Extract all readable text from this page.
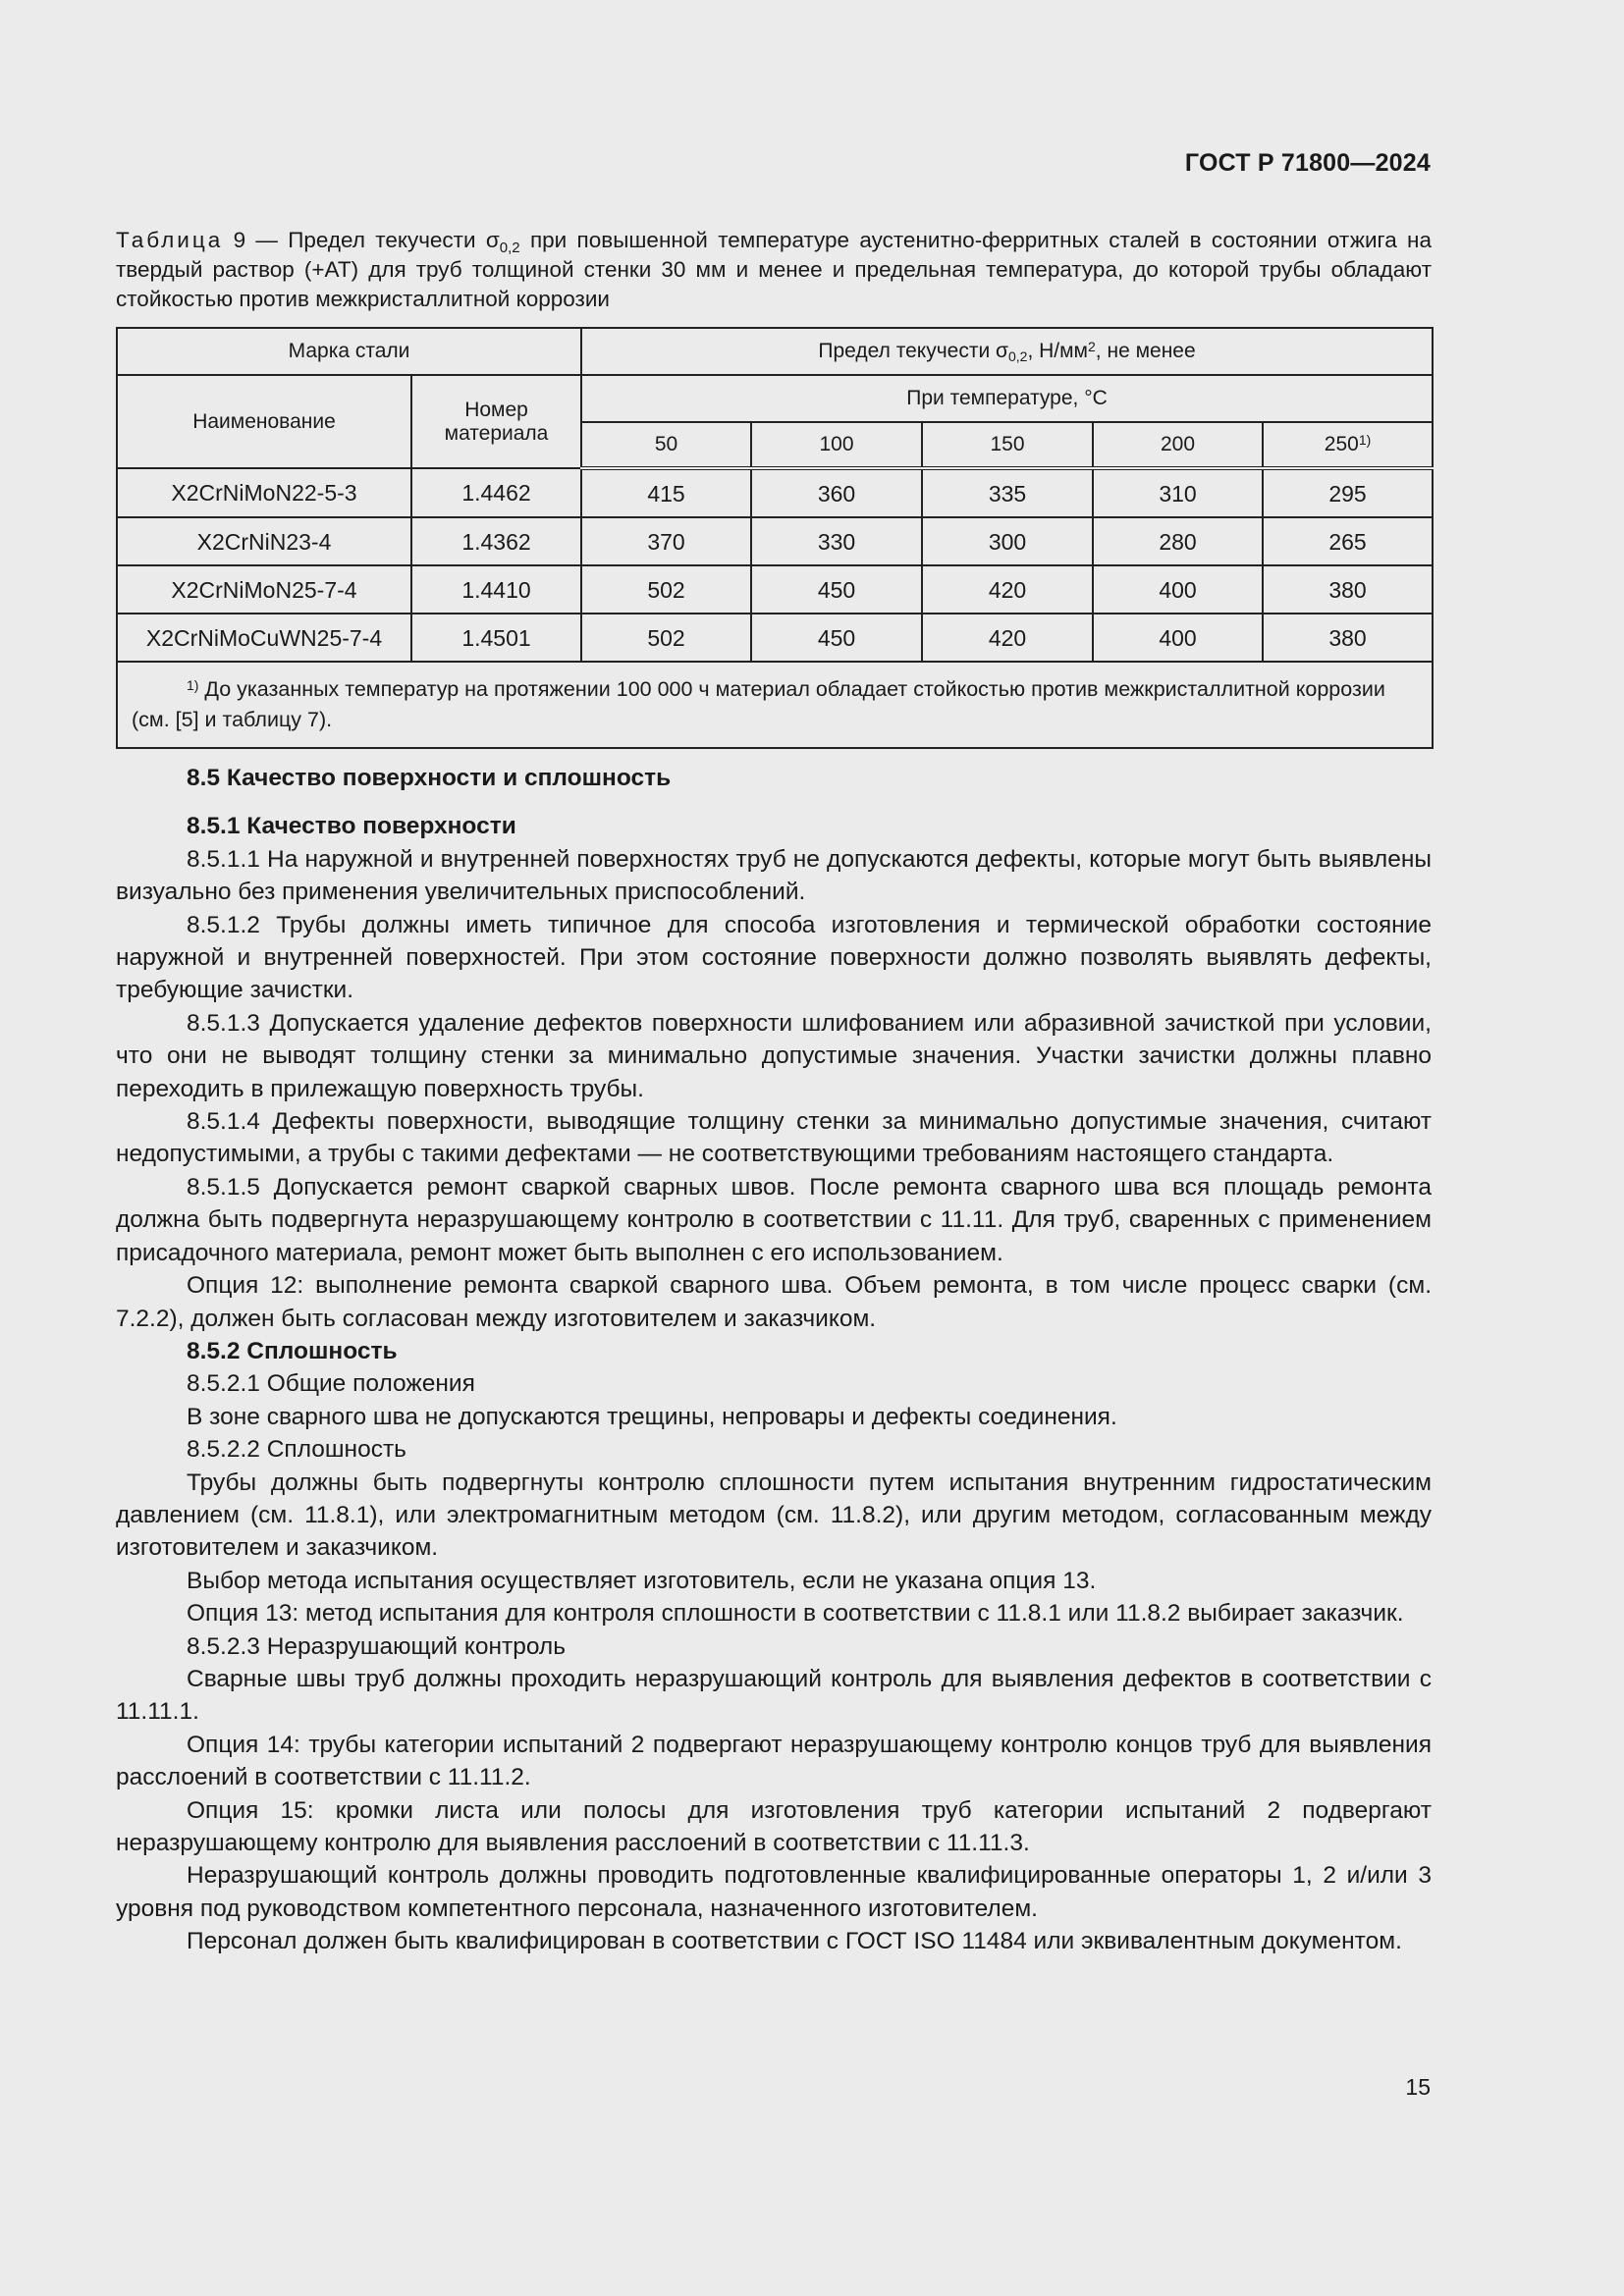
ГОСТ Р 71800—2024
Таблица 9 — Предел текучести $\sigma_{0,2}$ при повышенной температуре аустенитно-ферритных сталей в состоянии отжига на твердый раствор (+AT) для труб толщиной стенки 30 мм и менее и предельная температура, до которой трубы обладают стойкостью против межкристаллитной коррозии
Марка стали		Предел текучести $\sigma_{0,2}$, $Н/мм^2$, не менее				
Наименование	Номер материала	При температуре, °С				
		50	100	150	200	250$^{1)}$
X2CrNiMoN22-5-3	1.4462	415	360	335	310	295
X2CrNiN23-4	1.4362	370	330	300	280	265
X2CrNiMoN25-7-4	1.4410	502	450	420	400	380
X2CrNiMoCuWN25-7-4	1.4501	502	450	420	400	380
$^{1)}$ До указанных температур на протяжении 100 000 ч материал обладает стойкостью против межкристаллитной коррозии (см. [5] и таблицу 7).						
8.5 Качество поверхности и сплошность
8.5.1 Качество поверхности

8.5.1.1 На наружной и внутренней поверхностях труб не допускаются дефекты, которые могут быть выявлены визуально без применения увеличительных приспособлений.

8.5.1.2 Трубы должны иметь типичное для способа изготовления и термической обработки состояние наружной и внутренней поверхностей. При этом состояние поверхности должно позволять выявлять дефекты, требующие зачистки.

8.5.1.3 Допускается удаление дефектов поверхности шлифованием или абразивной зачисткой при условии, что они не выводят толщину стенки за минимально допустимые значения. Участки зачистки должны плавно переходить в прилежащую поверхность трубы.

8.5.1.4 Дефекты поверхности, выводящие толщину стенки за минимально допустимые значения, считают недопустимыми, а трубы с такими дефектами — не соответствующими требованиям настоящего стандарта.

8.5.1.5 Допускается ремонт сваркой сварных швов. После ремонта сварного шва вся площадь ремонта должна быть подвергнута неразрушающему контролю в соответствии с 11.11. Для труб, сваренных с применением присадочного материала, ремонт может быть выполнен с его использованием.

Опция 12: выполнение ремонта сваркой сварного шва. Объем ремонта, в том числе процесс сварки (см. 7.2.2), должен быть согласован между изготовителем и заказчиком.

8.5.2 Сплошность

8.5.2.1 Общие положения

В зоне сварного шва не допускаются трещины, непровары и дефекты соединения.

8.5.2.2 Сплошность

Трубы должны быть подвергнуты контролю сплошности путем испытания внутренним гидростатическим давлением (см. 11.8.1), или электромагнитным методом (см. 11.8.2), или другим методом, согласованным между изготовителем и заказчиком.

Выбор метода испытания осуществляет изготовитель, если не указана опция 13.

Опция 13: метод испытания для контроля сплошности в соответствии с 11.8.1 или 11.8.2 выбирает заказчик.

8.5.2.3 Неразрушающий контроль

Сварные швы труб должны проходить неразрушающий контроль для выявления дефектов в соответствии с 11.11.1.

Опция 14: трубы категории испытаний 2 подвергают неразрушающему контролю концов труб для выявления расслоений в соответствии с 11.11.2.

Опция 15: кромки листа или полосы для изготовления труб категории испытаний 2 подвергают неразрушающему контролю для выявления расслоений в соответствии с 11.11.3.

Неразрушающий контроль должны проводить подготовленные квалифицированные операторы 1, 2 и/или 3 уровня под руководством компетентного персонала, назначенного изготовителем.

Персонал должен быть квалифицирован в соответствии с ГОСТ ISO 11484 или эквивалентным документом.

15
